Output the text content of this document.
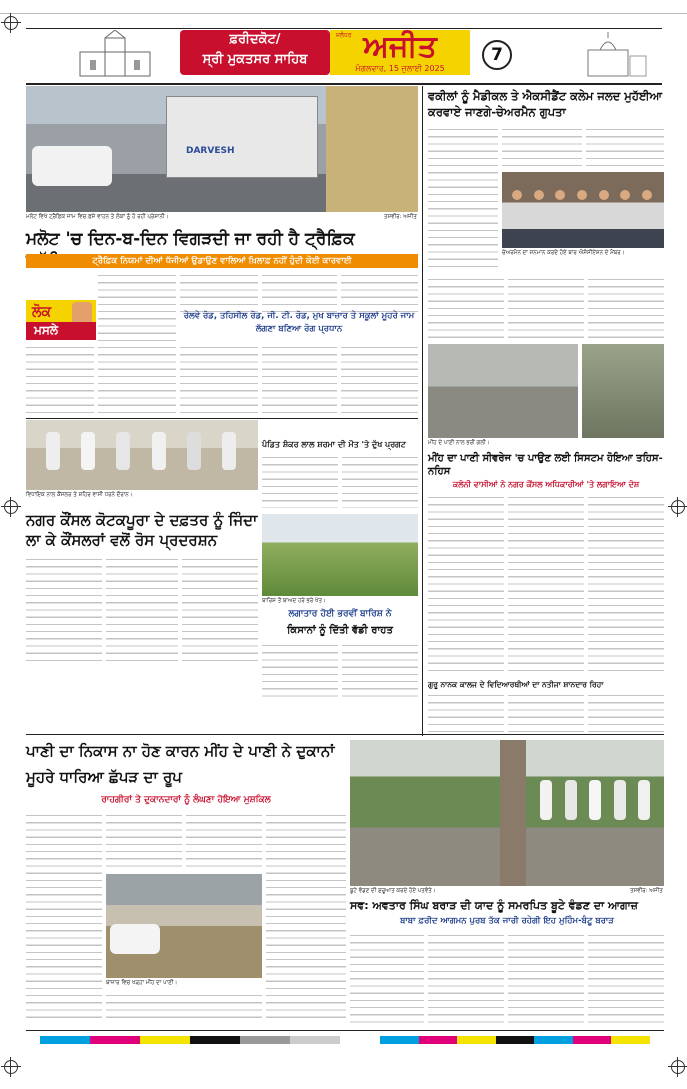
ਫ਼ਰੀਦਕੋਟ/
ਸ੍ਰੀ ਮੁਕਤਸਰ ਸਾਹਿਬ
ਜਲੰਧਰ ਅਜੀਤ
ਮੰਗਲਵਾਰ, 15 ਜੁਲਾਈ 2025
7
DARVESH
ਮਲੋਟ ਵਿਖੇ ਟ੍ਰੈਫ਼ਿਕ ਜਾਮ ਵਿਚ ਫਸੇ ਵਾਹਨ ਤੇ ਲੋਕਾਂ ਨੂੰ ਹੋ ਰਹੀ ਪ੍ਰੇਸ਼ਾਨੀ।	ਤਸਵੀਰ: ਅਜੀਤ
ਮਲੋਟ 'ਚ ਦਿਨ-ਬ-ਦਿਨ ਵਿਗੜਦੀ ਜਾ ਰਹੀ ਹੈ ਟ੍ਰੈਫ਼ਿਕ
ਟ੍ਰੈਫ਼ਿਕ ਨਿਯਮਾਂ ਦੀਆਂ ਧੱਜੀਆਂ ਉਡਾਉਣ ਵਾਲਿਆਂ ਖ਼ਿਲਾਫ਼ ਨਹੀਂ ਹੁੰਦੀ ਕੋਈ ਕਾਰਵਾਈ
ਲੋਕ
ਮਸਲੇ
ਰੇਲਵੇ ਰੋਡ, ਤਹਿਸੀਲ ਰੋਡ, ਜੀ. ਟੀ. ਰੋਡ, ਮੁਖ ਬਾਜ਼ਾਰ ਤੇ ਸਕੂਲਾਂ ਮੂਹਰੇ ਜਾਮ ਲੱਗਣਾ ਬਣਿਆ ਰੋਗ ਪ੍ਰਧਾਨ
ਵਕੀਲਾਂ ਨੂੰ ਮੈਡੀਕਲ ਤੇ ਐਕਸੀਡੈਂਟ ਕਲੇਮ ਜਲਦ ਮੁਹੱਈਆ ਕਰਵਾਏ ਜਾਣਗੇ-ਚੇਅਰਮੈਨ ਗੁਪਤਾ
ਚੇਅਰਮੈਨ ਦਾ ਸਨਮਾਨ ਕਰਦੇ ਹੋਏ ਬਾਰ ਐਸੋਸੀਏਸ਼ਨ ਦੇ ਮੈਂਬਰ।
ਮੀਂਹ ਦੇ ਪਾਣੀ ਨਾਲ ਭਰੀ ਗਲੀ।
ਮੀਂਹ ਦਾ ਪਾਣੀ ਸੀਵਰੇਜ 'ਚ ਪਾਉਣ ਲਈ ਸਿਸਟਮ ਹੋਇਆ ਤਹਿਸ-ਨਹਿਸ
ਕਲੋਨੀ ਵਾਸੀਆਂ ਨੇ ਨਗਰ ਕੌਂਸਲ ਅਧਿਕਾਰੀਆਂ 'ਤੇ ਲਗਾਇਆ ਦੋਸ਼
ਵਿਧਾਇਕ ਨਾਲ ਕੌਂਸਲਰ ਤੇ ਸ਼ਹਿਰ ਵਾਸੀ ਧਰਨੇ ਦੌਰਾਨ।
ਪੰਡਿਤ ਸ਼ੰਕਰ ਲਾਲ ਸ਼ਰਮਾ ਦੀ ਮੌਤ 'ਤੇ ਦੁੱਖ ਪ੍ਰਗਟ
ਨਗਰ ਕੌਂਸਲ ਕੋਟਕਪੂਰਾ ਦੇ ਦਫ਼ਤਰ ਨੂੰ ਜਿੰਦਾ ਲਾ ਕੇ ਕੌਂਸਲਰਾਂ ਵਲੋਂ ਰੋਸ ਪ੍ਰਦਰਸ਼ਨ
ਬਾਰਿਸ਼ ਤੋਂ ਬਾਅਦ ਹਰੇ ਭਰੇ ਖੇਤ।
ਲਗਾਤਾਰ ਹੋਈ ਭਰਵੀਂ ਬਾਰਿਸ਼ ਨੇ
ਕਿਸਾਨਾਂ ਨੂੰ ਦਿੱਤੀ ਵੱਡੀ ਰਾਹਤ
ਗੁਰੂ ਨਾਨਕ ਕਾਲਜ ਦੇ ਵਿਦਿਆਰਥੀਆਂ ਦਾ ਨਤੀਜਾ ਸ਼ਾਨਦਾਰ ਰਿਹਾ
ਪਾਣੀ ਦਾ ਨਿਕਾਸ ਨਾ ਹੋਣ ਕਾਰਨ ਮੀਂਹ ਦੇ ਪਾਣੀ ਨੇ ਦੁਕਾਨਾਂ ਮੂਹਰੇ ਧਾਰਿਆ ਛੱਪੜ ਦਾ ਰੂਪ
ਰਾਹਗੀਰਾਂ ਤੇ ਦੁਕਾਨਦਾਰਾਂ ਨੂੰ ਲੰਘਣਾ ਹੋਇਆ ਮੁਸ਼ਕਿਲ
ਬਾਜ਼ਾਰ ਵਿਚ ਖੜ੍ਹਾ ਮੀਂਹ ਦਾ ਪਾਣੀ।
ਬੂਟੇ ਵੰਡਣ ਦੀ ਸ਼ੁਰੂਆਤ ਕਰਦੇ ਹੋਏ ਪਤਵੰਤੇ।	ਤਸਵੀਰ: ਅਜੀਤ
ਸਵ: ਅਵਤਾਰ ਸਿੰਘ ਬਰਾੜ ਦੀ ਯਾਦ ਨੂੰ ਸਮਰਪਿਤ ਬੂਟੇ ਵੰਡਣ ਦਾ ਆਗਾਜ਼
ਬਾਬਾ ਫ਼ਰੀਦ ਆਗਮਨ ਪੁਰਬ ਤੱਕ ਜਾਰੀ ਰਹੇਗੀ ਇਹ ਮੁਹਿੰਮ-ਬੰਟੂ ਬਰਾੜ
